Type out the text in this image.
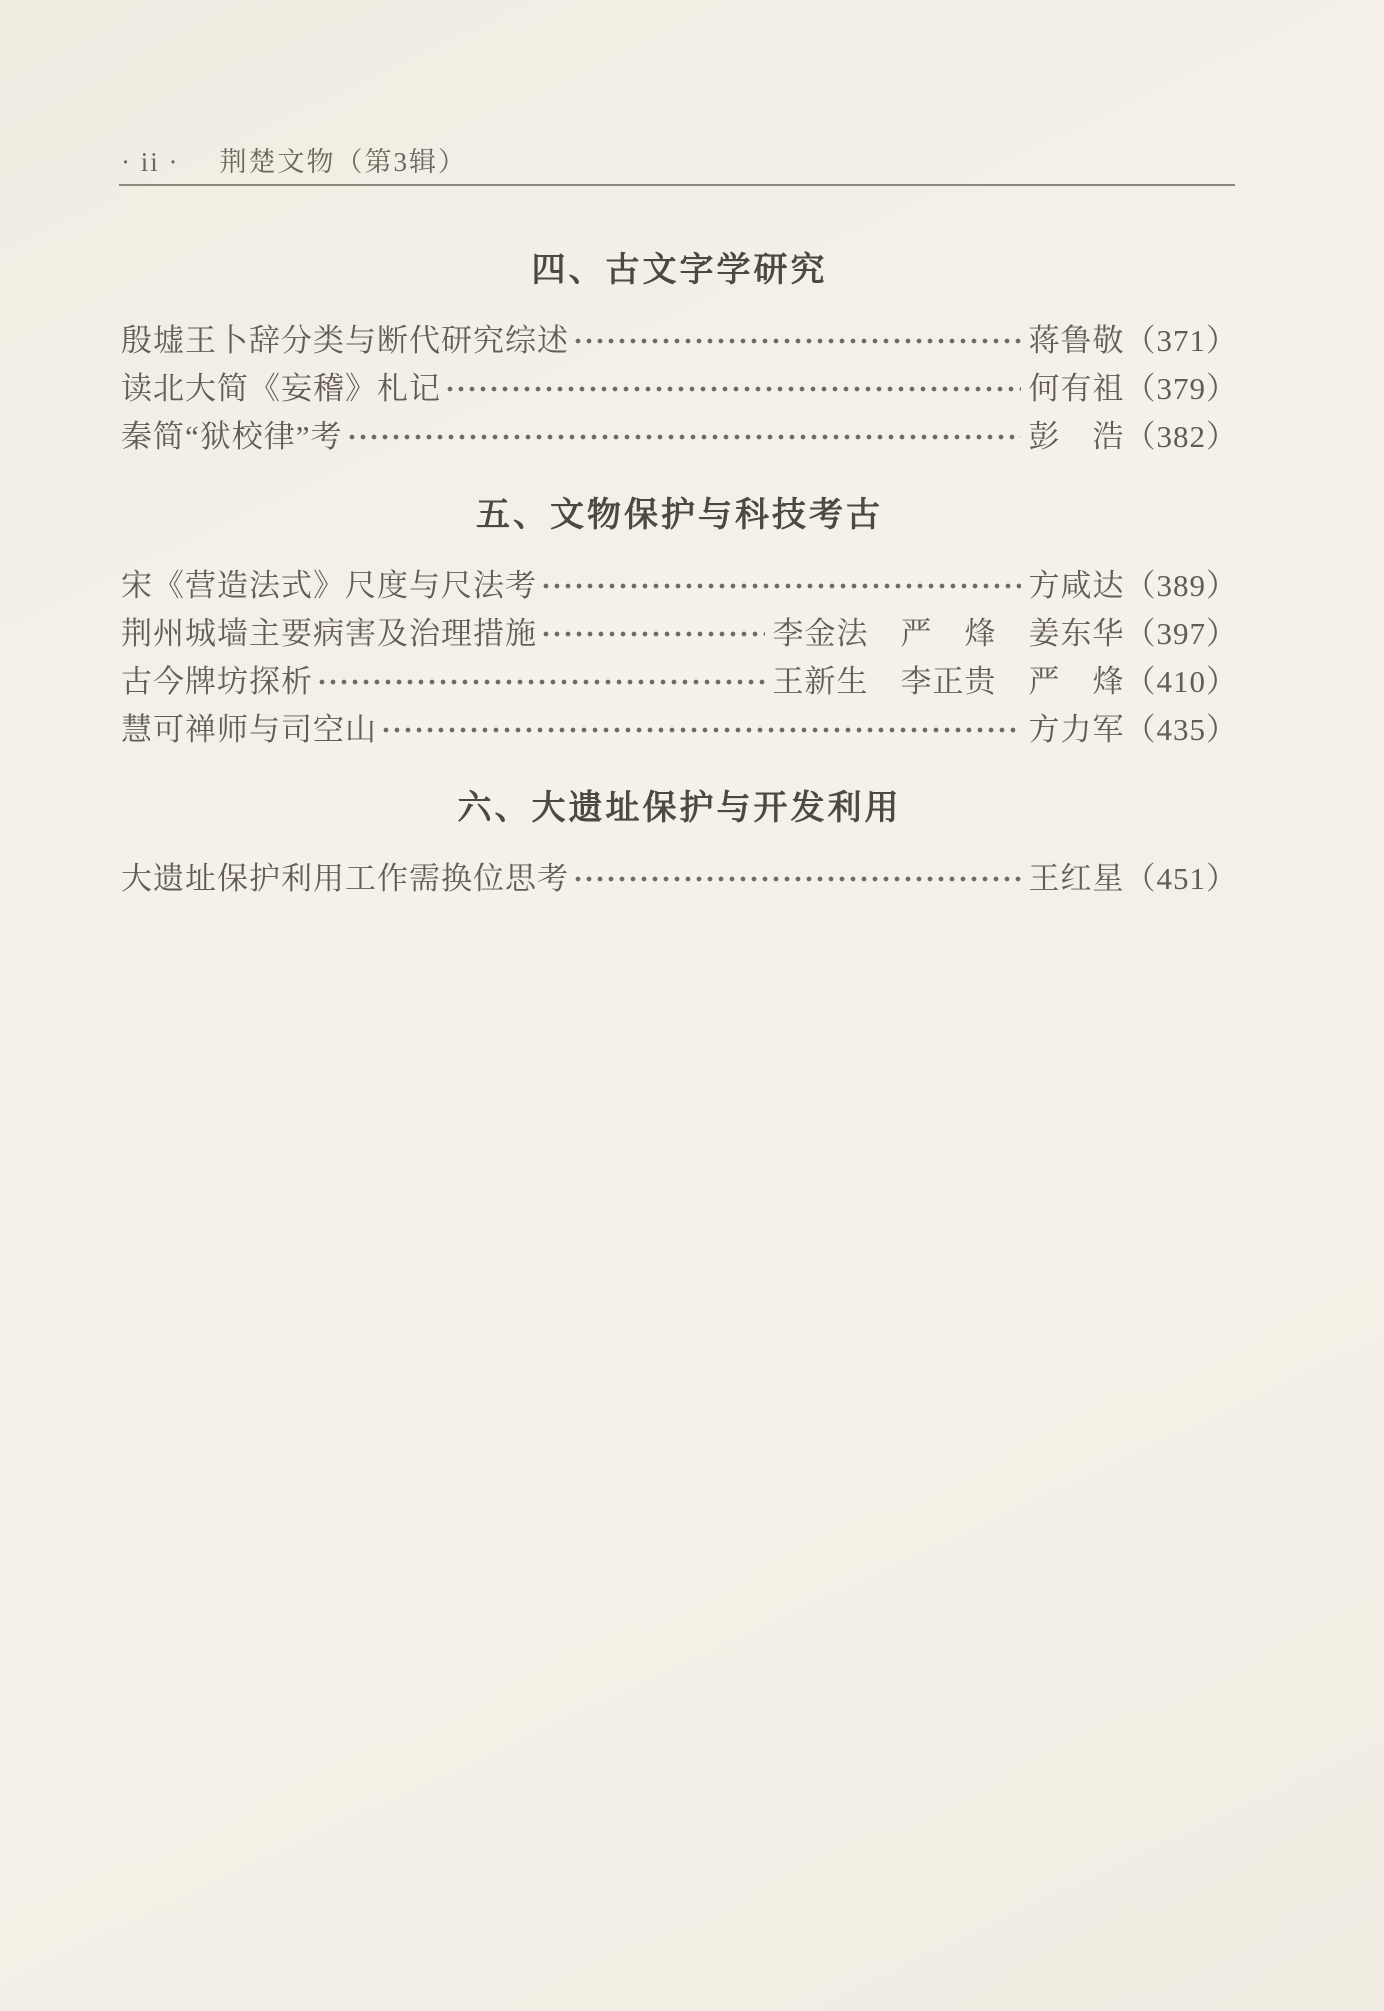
· ii · 荆楚文物（第3辑）
四、古文字学研究
殷墟王卜辞分类与断代研究综述	蒋鲁敬 （371）
读北大简《妄稽》札记	何有祖 （379）
秦简“狱校律”考	彭　浩 （382）
五、文物保护与科技考古
宋《营造法式》尺度与尺法考	方咸达 （389）
荆州城墙主要病害及治理措施	李金法　严　烽　姜东华 （397）
古今牌坊探析	王新生　李正贵　严　烽 （410）
慧可禅师与司空山	方力军 （435）
六、大遗址保护与开发利用
大遗址保护利用工作需换位思考	王红星 （451）
